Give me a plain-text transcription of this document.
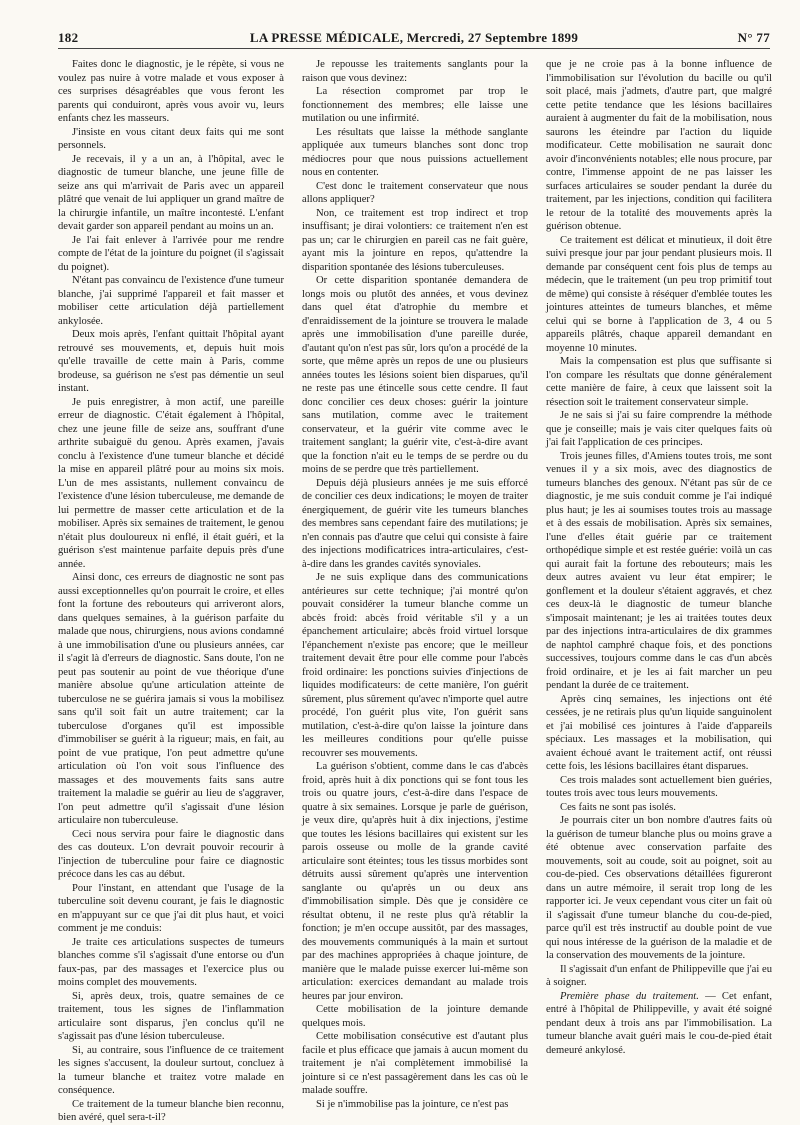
182	LA PRESSE MÉDICALE, Mercredi, 27 Septembre 1899	N° 77

Faites donc le diagnostic, je le répète, si vous ne voulez pas nuire à votre malade et vous exposer à ces surprises désagréables que vous feront les parents qui conduiront, après vous avoir vu, leurs enfants chez les masseurs.

J'insiste en vous citant deux faits qui me sont personnels.

Je recevais, il y a un an, à l'hôpital, avec le diagnostic de tumeur blanche, une jeune fille de seize ans qui m'arrivait de Paris avec un appareil plâtré que venait de lui appliquer un grand maître de la chirurgie infantile, un maître incontesté. L'enfant devait garder son appareil pendant au moins un an.

Je l'ai fait enlever à l'arrivée pour me rendre compte de l'état de la jointure du poignet (il s'agissait du poignet).

N'étant pas convaincu de l'existence d'une tumeur blanche, j'ai supprimé l'appareil et fait masser et mobiliser cette articulation déjà partiellement ankylosée.

Deux mois après, l'enfant quittait l'hôpital ayant retrouvé ses mouvements, et, depuis huit mois qu'elle travaille de cette main à Paris, comme brodeuse, sa guérison ne s'est pas démentie un seul instant.

Je puis enregistrer, à mon actif, une pareille erreur de diagnostic. C'était également à l'hôpital, chez une jeune fille de seize ans, souffrant d'une arthrite subaiguë du genou. Après examen, j'avais conclu à l'existence d'une tumeur blanche et décidé la mise en appareil plâtré pour au moins six mois. L'un de mes assistants, nullement convaincu de l'existence d'une lésion tuberculeuse, me demande de lui permettre de masser cette articulation et de la mobiliser. Après six semaines de traitement, le genou n'était plus douloureux ni enflé, il était guéri, et la guérison s'est maintenue parfaite depuis près d'une année.

Ainsi donc, ces erreurs de diagnostic ne sont pas aussi exceptionnelles qu'on pourrait le croire, et elles font la fortune des rebouteurs qui arriveront alors, dans quelques semaines, à la guérison parfaite du malade que nous, chirurgiens, nous avions condamné à une immobilisation d'une ou plusieurs années, car il s'agit là d'erreurs de diagnostic. Sans doute, l'on ne peut pas soutenir au point de vue théorique d'une manière absolue qu'une articulation atteinte de tuberculose ne se guérira jamais si vous la mobilisez sans qu'il soit fait un autre traitement; car la tuberculose d'organes qu'il est impossible d'immobiliser se guérit à la rigueur; mais, en fait, au point de vue pratique, l'on peut admettre qu'une articulation où l'on voit sous l'influence des massages et des mouvements faits sans autre traitement la maladie se guérir au lieu de s'aggraver, l'on peut admettre qu'il s'agissait d'une lésion articulaire non tuberculeuse.

Ceci nous servira pour faire le diagnostic dans des cas douteux. L'on devrait pouvoir recourir à l'injection de tuberculine pour faire ce diagnostic précoce dans les cas au début.

Pour l'instant, en attendant que l'usage de la tuberculine soit devenu courant, je fais le diagnostic en m'appuyant sur ce que j'ai dit plus haut, et voici comment je me conduis:

Je traite ces articulations suspectes de tumeurs blanches comme s'il s'agissait d'une entorse ou d'un faux-pas, par des massages et l'exercice plus ou moins complet des mouvements.

Si, après deux, trois, quatre semaines de ce traitement, tous les signes de l'inflammation articulaire sont disparus, j'en conclus qu'il ne s'agissait pas d'une lésion tuberculeuse.

Si, au contraire, sous l'influence de ce traitement les signes s'accusent, la douleur surtout, concluez à la tumeur blanche et traitez votre malade en conséquence.

Ce traitement de la tumeur blanche bien reconnu, bien avéré, quel sera-t-il?

Je repousse les traitements sanglants pour la raison que vous devinez:

La résection compromet par trop le fonctionnement des membres; elle laisse une mutilation ou une infirmité.

Les résultats que laisse la méthode sanglante appliquée aux tumeurs blanches sont donc trop médiocres pour que nous puissions actuellement nous en contenter.

C'est donc le traitement conservateur que nous allons appliquer?

Non, ce traitement est trop indirect et trop insuffisant; je dirai volontiers: ce traitement n'en est pas un; car le chirurgien en pareil cas ne fait guère, ayant mis la jointure en repos, qu'attendre la disparition spontanée des lésions tuberculeuses.

Or cette disparition spontanée demandera de longs mois ou plutôt des années, et vous devinez dans quel état d'atrophie du membre et d'enraidissement de la jointure se trouvera le malade après une immobilisation d'une pareille durée, d'autant qu'on n'est pas sûr, lors qu'on a procédé de la sorte, que même après un repos de une ou plusieurs années toutes les lésions soient bien disparues, qu'il ne reste pas une étincelle sous cette cendre. Il faut donc concilier ces deux choses: guérir la jointure sans mutilation, comme avec le traitement conservateur, et la guérir vite comme avec le traitement sanglant; la guérir vite, c'est-à-dire avant que la fonction n'ait eu le temps de se perdre ou du moins de se perdre que très partiellement.

Depuis déjà plusieurs années je me suis efforcé de concilier ces deux indications; le moyen de traiter énergiquement, de guérir vite les tumeurs blanches des membres sans cependant faire des mutilations; je n'en connais pas d'autre que celui qui consiste à faire des injections modificatrices intra-articulaires, c'est-à-dire dans les grandes cavités synoviales.

Je ne suis explique dans des communications antérieures sur cette technique; j'ai montré qu'on pouvait considérer la tumeur blanche comme un abcès froid: abcès froid véritable s'il y a un épanchement articulaire; abcès froid virtuel lorsque l'épanchement n'existe pas encore; que le meilleur traitement devait être pour elle comme pour l'abcès froid ordinaire: les ponctions suivies d'injections de liquides modificateurs: de cette manière, l'on guérit sûrement, plus sûrement qu'avec n'importe quel autre procédé, l'on guérit plus vite, l'on guérit sans mutilation, c'est-à-dire qu'on laisse la jointure dans les meilleures conditions pour qu'elle puisse recouvrer ses mouvements.

La guérison s'obtient, comme dans le cas d'abcès froid, après huit à dix ponctions qui se font tous les trois ou quatre jours, c'est-à-dire dans l'espace de quatre à six semaines. Lorsque je parle de guérison, je veux dire, qu'après huit à dix injections, j'estime que toutes les lésions bacillaires qui existent sur les parois osseuse ou molle de la grande cavité articulaire sont éteintes; tous les tissus morbides sont détruits aussi sûrement qu'après une intervention sanglante ou qu'après un ou deux ans d'immobilisation simple. Dès que je considère ce résultat obtenu, il ne reste plus qu'à rétablir la fonction; je m'en occupe aussitôt, par des massages, des mouvements communiqués à la main et surtout par des machines appropriées à chaque jointure, de manière que le malade puisse exercer lui-même son articulation: exercices demandant au malade trois heures par jour environ.

Cette mobilisation de la jointure demande quelques mois.

Cette mobilisation consécutive est d'autant plus facile et plus efficace que jamais à aucun moment du traitement je n'ai complètement immobilisé la jointure si ce n'est passagèrement dans les cas où le malade souffre.

Si je n'immobilise pas la jointure, ce n'est pas

que je ne croie pas à la bonne influence de l'immobilisation sur l'évolution du bacille ou qu'il soit placé, mais j'admets, d'autre part, que malgré cette petite tendance que les lésions bacillaires auraient à augmenter du fait de la mobilisation, nous saurons les éteindre par l'action du liquide modificateur. Cette mobilisation ne saurait donc avoir d'inconvénients notables; elle nous procure, par contre, l'immense appoint de ne pas laisser les surfaces articulaires se souder pendant la durée du traitement, par les injections, condition qui facilitera le retour de la totalité des mouvements après la guérison obtenue.

Ce traitement est délicat et minutieux, il doit être suivi presque jour par jour pendant plusieurs mois. Il demande par conséquent cent fois plus de temps au médecin, que le traitement (un peu trop primitif tout de même) qui consiste à réséquer d'emblée toutes les jointures atteintes de tumeurs blanches, et même celui qui se borne à l'application de 3, 4 ou 5 appareils plâtrés, chaque appareil demandant en moyenne 10 minutes.

Mais la compensation est plus que suffisante si l'on compare les résultats que donne généralement cette manière de faire, à ceux que laissent soit la résection soit le traitement conservateur simple.

Je ne sais si j'ai su faire comprendre la méthode que je conseille; mais je vais citer quelques faits où j'ai fait l'application de ces principes.

Trois jeunes filles, d'Amiens toutes trois, me sont venues il y a six mois, avec des diagnostics de tumeurs blanches des genoux. N'étant pas sûr de ce diagnostic, je me suis conduit comme je l'ai indiqué plus haut; je les ai soumises toutes trois au massage et à des essais de mobilisation. Après six semaines, l'une d'elles était guérie par ce traitement orthopédique simple et est restée guérie: voilà un cas qui aurait fait la fortune des rebouteurs; mais les deux autres avaient vu leur état empirer; le gonflement et la douleur s'étaient aggravés, et chez ces deux-là le diagnostic de tumeur blanche s'imposait maintenant; je les ai traitées toutes deux par des injections intra-articulaires de dix grammes de naphtol camphré chaque fois, et des ponctions successives, toujours comme dans le cas d'un abcès froid ordinaire, et je les ai fait marcher un peu pendant la durée de ce traitement.

Après cinq semaines, les injections ont été cessées, je ne retirais plus qu'un liquide sanguinolent et j'ai mobilisé ces jointures à l'aide d'appareils spéciaux. Les massages et la mobilisation, qui avaient échoué avant le traitement actif, ont réussi cette fois, les lésions bacillaires étant disparues.

Ces trois malades sont actuellement bien guéries, toutes trois avec tous leurs mouvements.

Ces faits ne sont pas isolés.

Je pourrais citer un bon nombre d'autres faits où la guérison de tumeur blanche plus ou moins grave a été obtenue avec conservation parfaite des mouvements, soit au coude, soit au poignet, soit au cou-de-pied. Ces observations détaillées figureront dans un autre mémoire, il serait trop long de les rapporter ici. Je veux cependant vous citer un fait où il s'agissait d'une tumeur blanche du cou-de-pied, parce qu'il est très instructif au double point de vue qui nous intéresse de la guérison de la maladie et de la conservation des mouvements de la jointure.

Il s'agissait d'un enfant de Philippeville que j'ai eu à soigner.

Première phase du traitement. — Cet enfant, entré à l'hôpital de Philippeville, y avait été soigné pendant deux à trois ans par l'immobilisation. La tumeur blanche avait guéri mais le cou-de-pied était demeuré ankylosé.
